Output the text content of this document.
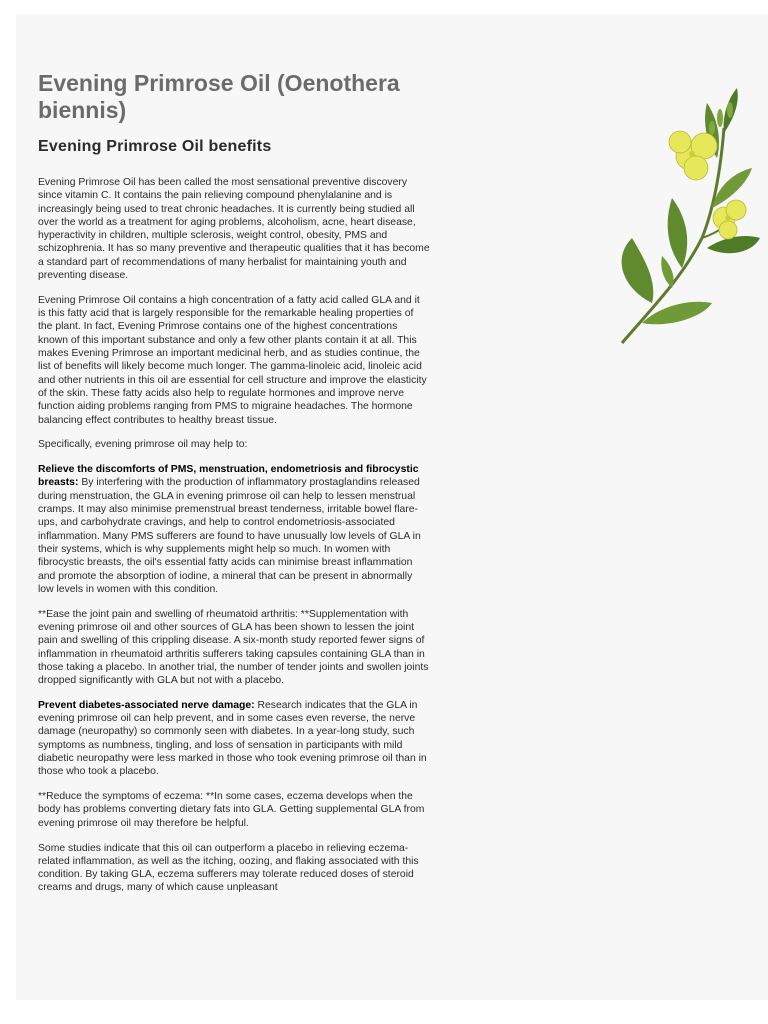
Evening Primrose Oil (Oenothera biennis)
Evening Primrose Oil benefits

Evening Primrose Oil has been called the most sensational preventive discovery since vitamin C. It contains the pain relieving compound phenylalanine and is increasingly being used to treat chronic headaches. It is currently being studied all over the world as a treatment for aging problems, alcoholism, acne, heart disease, hyperactivity in children, multiple sclerosis, weight control, obesity, PMS and schizophrenia. It has so many preventive and therapeutic qualities that it has become a standard part of recommendations of many herbalist for maintaining youth and preventing disease.

Evening Primrose Oil contains a high concentration of a fatty acid called GLA and it is this fatty acid that is largely responsible for the remarkable healing properties of the plant. In fact, Evening Primrose contains one of the highest concentrations known of this important substance and only a few other plants contain it at all. This makes Evening Primrose an important medicinal herb, and as studies continue, the list of benefits will likely become much longer. The gamma-linoleic acid, linoleic acid and other nutrients in this oil are essential for cell structure and improve the elasticity of the skin. These fatty acids also help to regulate hormones and improve nerve function aiding problems ranging from PMS to migraine headaches. The hormone balancing effect contributes to healthy breast tissue.

Specifically, evening primrose oil may help to:

Relieve the discomforts of PMS, menstruation, endometriosis and fibrocystic breasts: By interfering with the production of inflammatory prostaglandins released during menstruation, the GLA in evening primrose oil can help to lessen menstrual cramps. It may also minimise premenstrual breast tenderness, irritable bowel flare-ups, and carbohydrate cravings, and help to control endometriosis-associated inflammation. Many PMS sufferers are found to have unusually low levels of GLA in their systems, which is why supplements might help so much. In women with fibrocystic breasts, the oil's essential fatty acids can minimise breast inflammation and promote the absorption of iodine, a mineral that can be present in abnormally low levels in women with this condition.

**Ease the joint pain and swelling of rheumatoid arthritis: **Supplementation with evening primrose oil and other sources of GLA has been shown to lessen the joint pain and swelling of this crippling disease. A six-month study reported fewer signs of inflammation in rheumatoid arthritis sufferers taking capsules containing GLA than in those taking a placebo. In another trial, the number of tender joints and swollen joints dropped significantly with GLA but not with a placebo.

Prevent diabetes-associated nerve damage: Research indicates that the GLA in evening primrose oil can help prevent, and in some cases even reverse, the nerve damage (neuropathy) so commonly seen with diabetes. In a year-long study, such symptoms as numbness, tingling, and loss of sensation in participants with mild diabetic neuropathy were less marked in those who took evening primrose oil than in those who took a placebo.

**Reduce the symptoms of eczema: **In some cases, eczema develops when the body has problems converting dietary fats into GLA. Getting supplemental GLA from evening primrose oil may therefore be helpful.

Some studies indicate that this oil can outperform a placebo in relieving eczema-related inflammation, as well as the itching, oozing, and flaking associated with this condition. By taking GLA, eczema sufferers may tolerate reduced doses of steroid creams and drugs, many of which cause unpleasant
